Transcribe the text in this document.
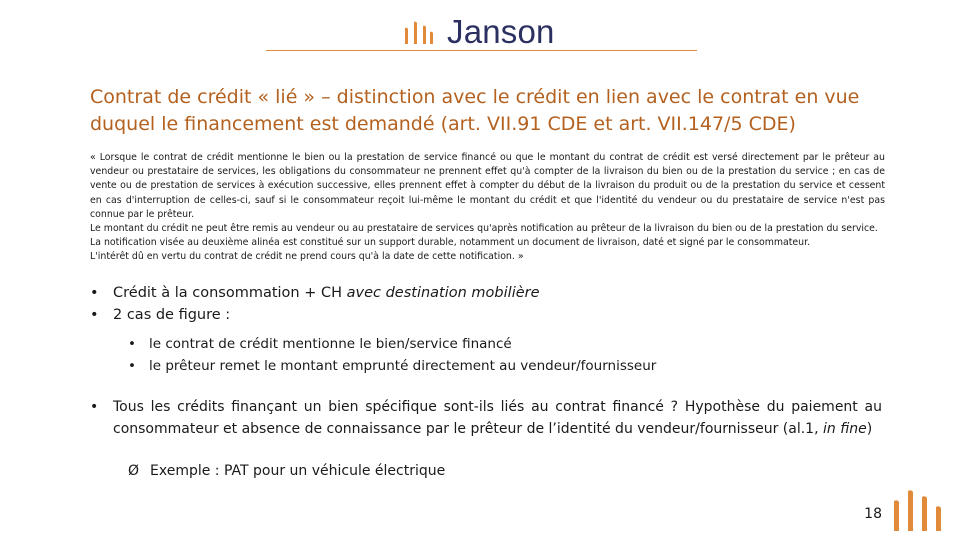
Janson
Contrat de crédit « lié » – distinction avec le crédit en lien avec le contrat en vue duquel le financement est demandé (art. VII.91 CDE et art. VII.147/5 CDE)

« Lorsque le contrat de crédit mentionne le bien ou la prestation de service financé ou que le montant du contrat de crédit est versé directement par le prêteur au vendeur ou prestataire de services, les obligations du consommateur ne prennent effet qu'à compter de la livraison du bien ou de la prestation du service ; en cas de vente ou de prestation de services à exécution successive, elles prennent effet à compter du début de la livraison du produit ou de la prestation du service et cessent en cas d'interruption de celles-ci, sauf si le consommateur reçoit lui-même le montant du crédit et que l'identité du vendeur ou du prestataire de service n'est pas connue par le prêteur.

Le montant du crédit ne peut être remis au vendeur ou au prestataire de services qu'après notification au prêteur de la livraison du bien ou de la prestation du service.

La notification visée au deuxième alinéa est constitué sur un support durable, notamment un document de livraison, daté et signé par le consommateur.

L'intérêt dû en vertu du contrat de crédit ne prend cours qu'à la date de cette notification. »

• Crédit à la consommation + CH avec destination mobilière
• 2 cas de figure :
• le contrat de crédit mentionne le bien/service financé
• le prêteur remet le montant emprunté directement au vendeur/fournisseur
•	Tous les crédits finançant un bien spécifique sont-ils liés au contrat financé ? Hypothèse du paiement au consommateur et absence de connaissance par le prêteur de l’identité du vendeur/fournisseur (al.1, in fine)
Ø Exemple : PAT pour un véhicule électrique
18
